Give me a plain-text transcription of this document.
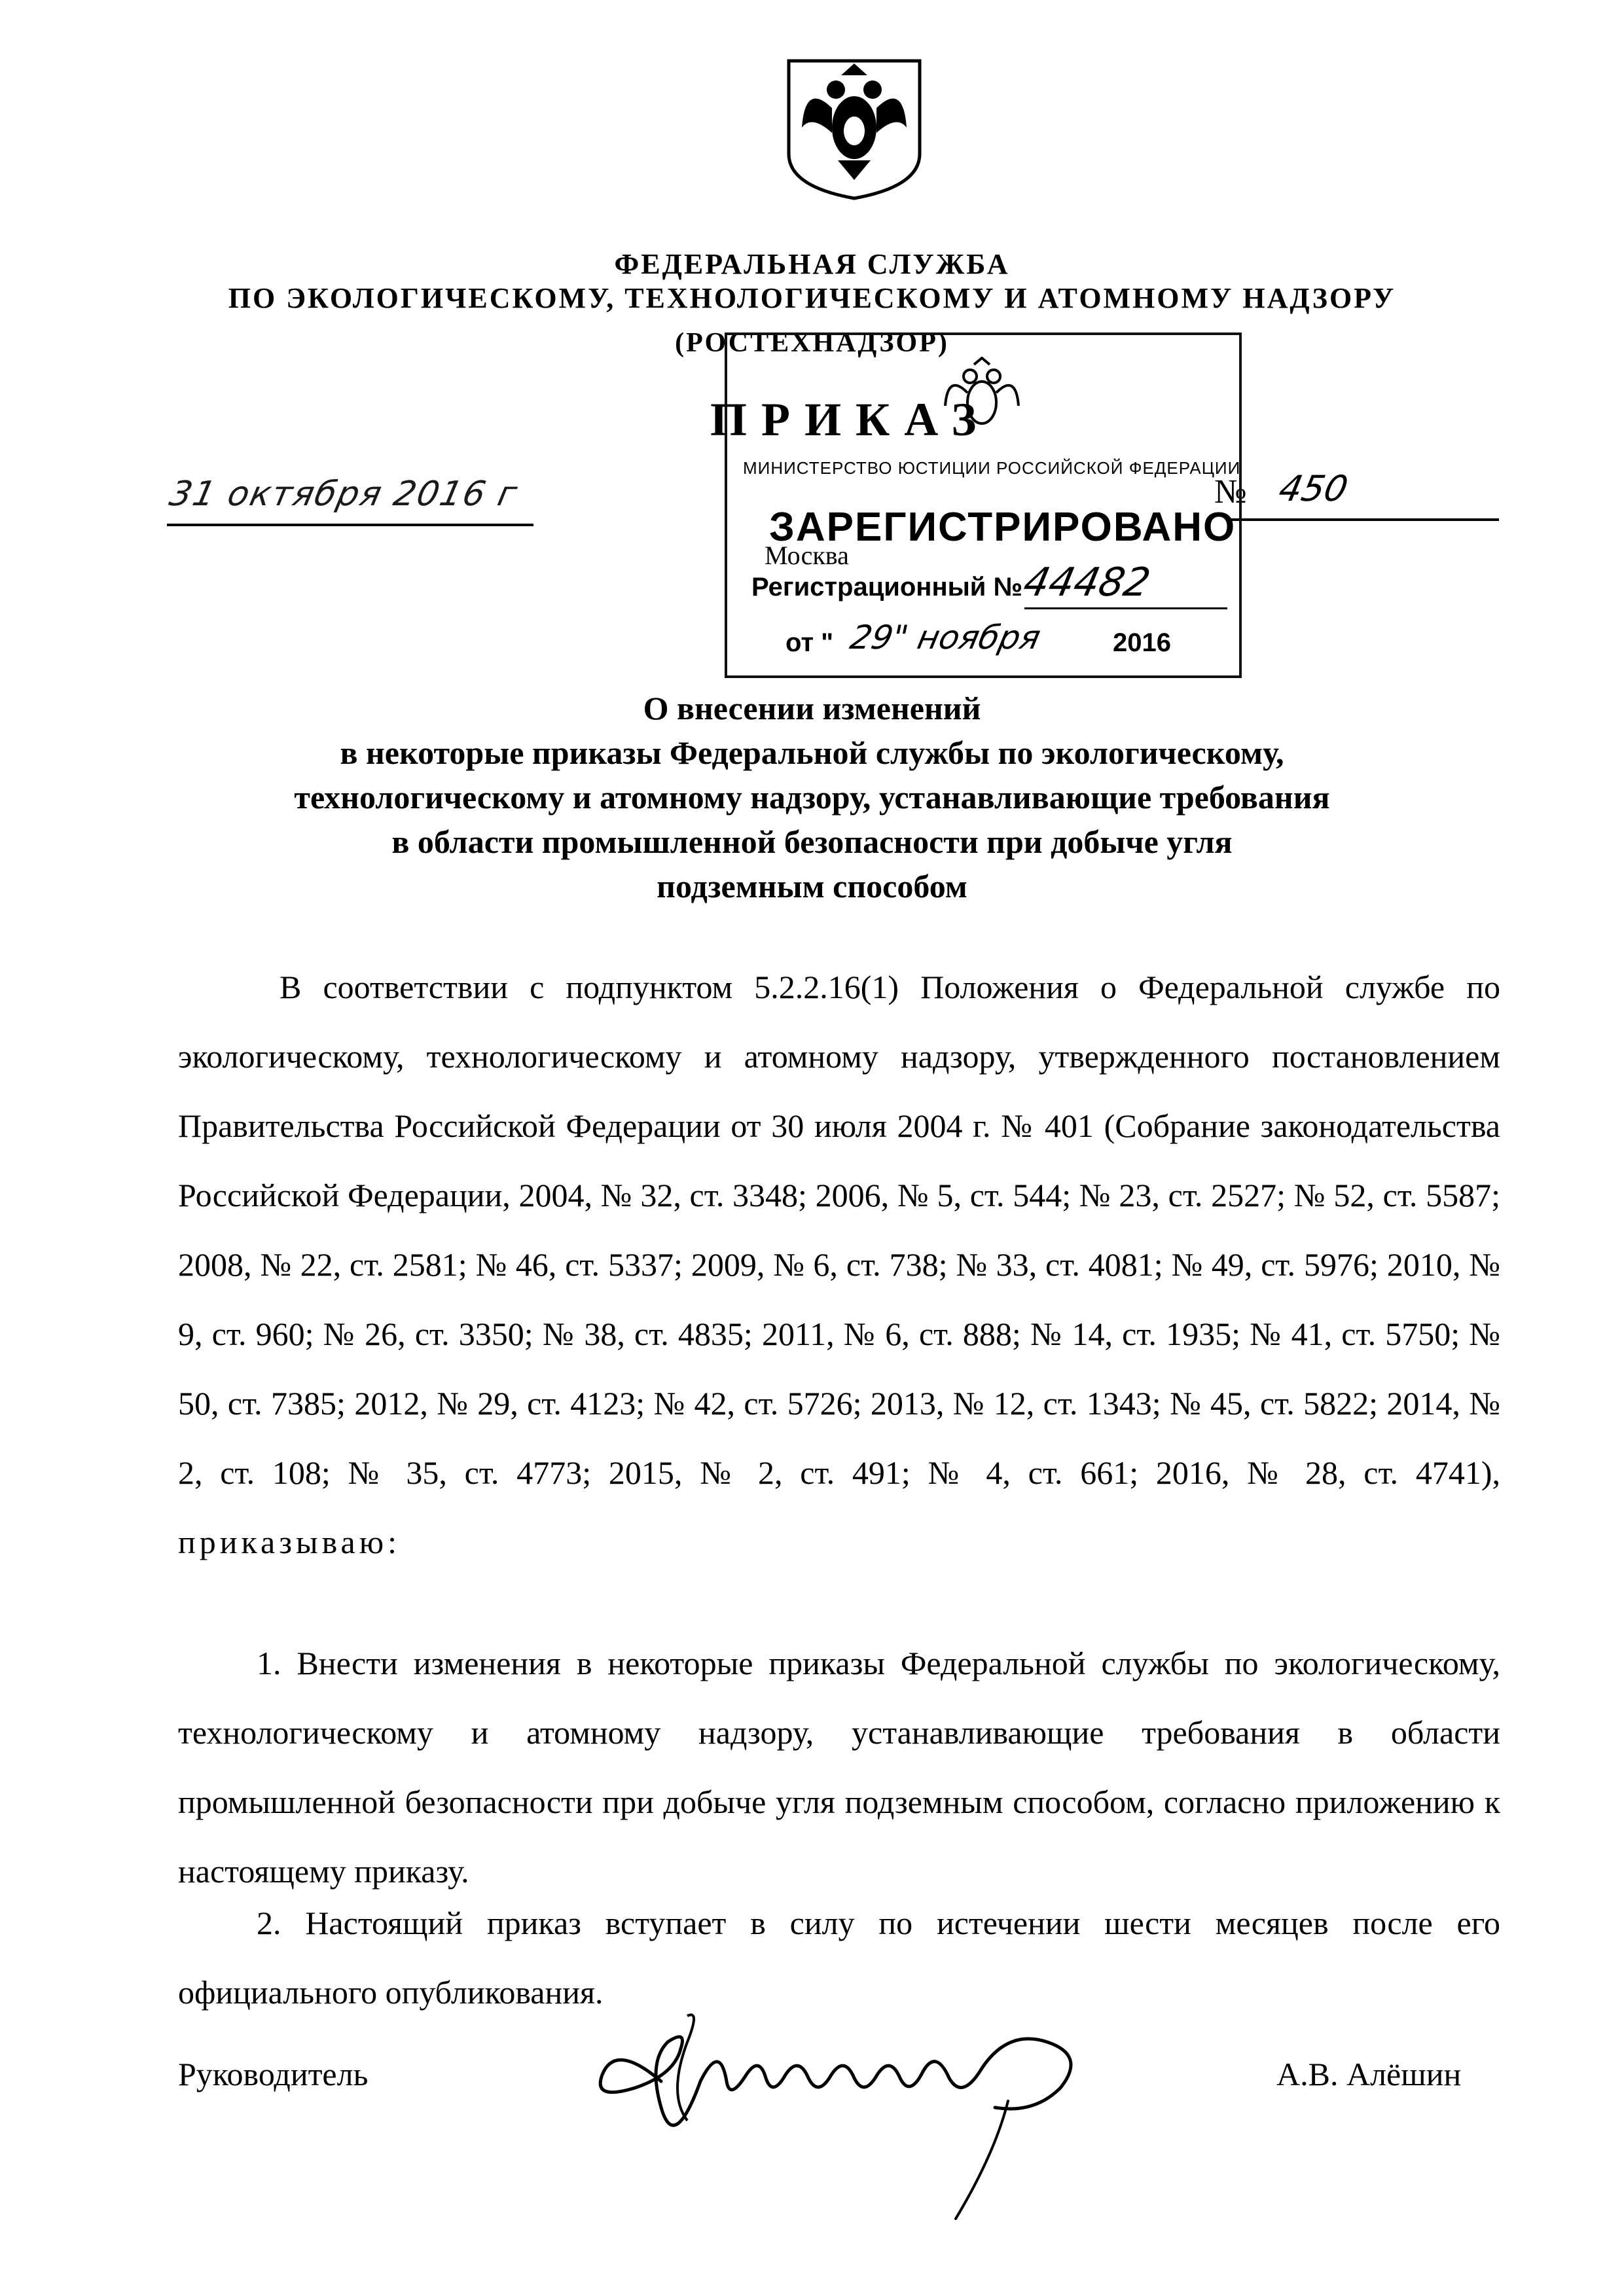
ФЕДЕРАЛЬНАЯ СЛУЖБА
ПО ЭКОЛОГИЧЕСКОМУ, ТЕХНОЛОГИЧЕСКОМУ И АТОМНОМУ НАДЗОРУ
(РОСТЕХНАДЗОР)
ПРИКАЗ
31 октября 2016 г	№ 450
Москва
МИНИСТЕРСТВО ЮСТИЦИИ РОССИЙСКОЙ ФЕДЕРАЦИИ
ЗАРЕГИСТРИРОВАНО
Регистрационный №
44482
от " 29" ноября	2016
О внесении изменений
в некоторые приказы Федеральной службы по экологическому,
технологическому и атомному надзору, устанавливающие требования
в области промышленной безопасности при добыче угля
подземным способом

В соответствии с подпунктом 5.2.2.16(1) Положения о Федеральной службе по экологическому, технологическому и атомному надзору, утвержденного постановлением Правительства Российской Федерации от 30 июля 2004 г. № 401 (Собрание законодательства Российской Федерации, 2004, № 32, ст. 3348; 2006, № 5, ст. 544; № 23, ст. 2527; № 52, ст. 5587; 2008, № 22, ст. 2581; № 46, ст. 5337; 2009, № 6, ст. 738; № 33, ст. 4081; № 49, ст. 5976; 2010, № 9, ст. 960; № 26, ст. 3350; № 38, ст. 4835; 2011, № 6, ст. 888; № 14, ст. 1935; № 41, ст. 5750; № 50, ст. 7385; 2012, № 29, ст. 4123; № 42, ст. 5726; 2013, № 12, ст. 1343; № 45, ст. 5822; 2014, № 2, ст. 108; № 35, ст. 4773; 2015, № 2, ст. 491; № 4, ст. 661; 2016, № 28, ст. 4741), приказываю:

1. Внести изменения в некоторые приказы Федеральной службы по экологическому, технологическому и атомному надзору, устанавливающие требования в области промышленной безопасности при добыче угля подземным способом, согласно приложению к настоящему приказу.

2. Настоящий приказ вступает в силу по истечении шести месяцев после его официального опубликования.

Руководитель	А.В. Алёшин
